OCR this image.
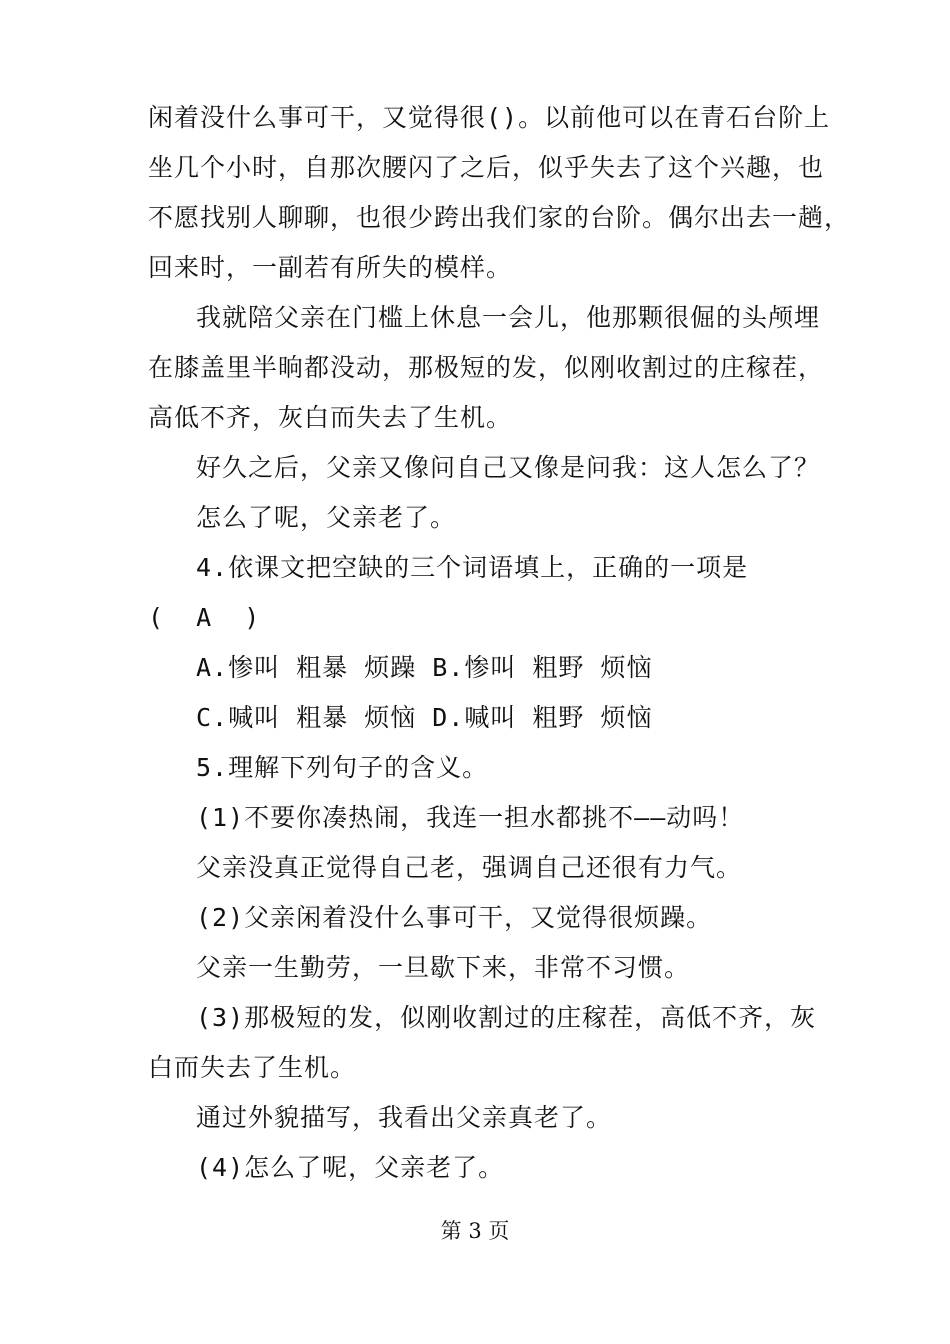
闲着没什么事可干，又觉得很()。以前他可以在青石台阶上
坐几个小时，自那次腰闪了之后，似乎失去了这个兴趣，也
不愿找别人聊聊，也很少跨出我们家的台阶。偶尔出去一趟，
回来时，一副若有所失的模样。
我就陪父亲在门槛上休息一会儿，他那颗很倔的头颅埋
在膝盖里半晌都没动，那极短的发，似刚收割过的庄稼茬，
高低不齐，灰白而失去了生机。
好久之后，父亲又像问自己又像是问我：这人怎么了？
怎么了呢，父亲老了。
4.依课文把空缺的三个词语填上，正确的一项是
(  A  )
A.惨叫 粗暴 烦躁 B.惨叫 粗野 烦恼
C.喊叫 粗暴 烦恼 D.喊叫 粗野 烦恼
5.理解下列句子的含义。
(1)不要你凑热闹，我连一担水都挑不——动吗！
父亲没真正觉得自己老，强调自己还很有力气。
(2)父亲闲着没什么事可干，又觉得很烦躁。
父亲一生勤劳，一旦歇下来，非常不习惯。
(3)那极短的发，似刚收割过的庄稼茬，高低不齐，灰
白而失去了生机。
通过外貌描写，我看出父亲真老了。
(4)怎么了呢，父亲老了。
第 3 页
